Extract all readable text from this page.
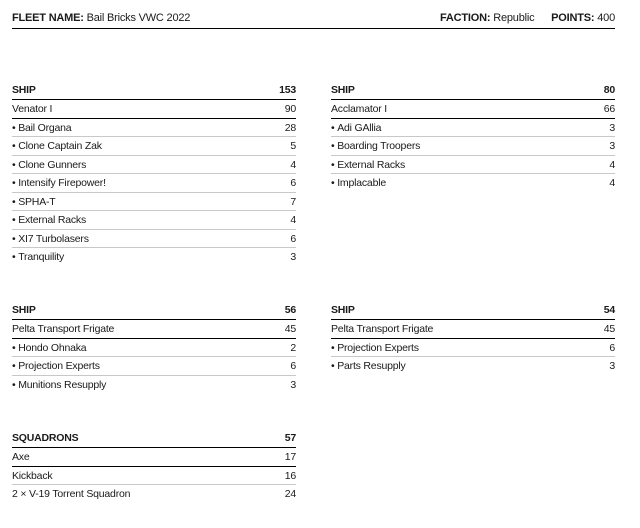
FLEET NAME: Bail Bricks VWC 2022	FACTION: Republic POINTS: 400
SHIP	153
Venator I	90
• Bail Organa	28
• Clone Captain Zak	5
• Clone Gunners	4
• Intensify Firepower!	6
• SPHA-T	7
• External Racks	4
• XI7 Turbolasers	6
• Tranquility	3
SHIP	80
Acclamator I	66
• Adi GAllia	3
• Boarding Troopers	3
• External Racks	4
• Implacable	4
SHIP	56
Pelta Transport Frigate	45
• Hondo Ohnaka	2
• Projection Experts	6
• Munitions Resupply	3
SHIP	54
Pelta Transport Frigate	45
• Projection Experts	6
• Parts Resupply	3
SQUADRONS	57
Axe	17
Kickback	16
2 × V-19 Torrent Squadron	24
